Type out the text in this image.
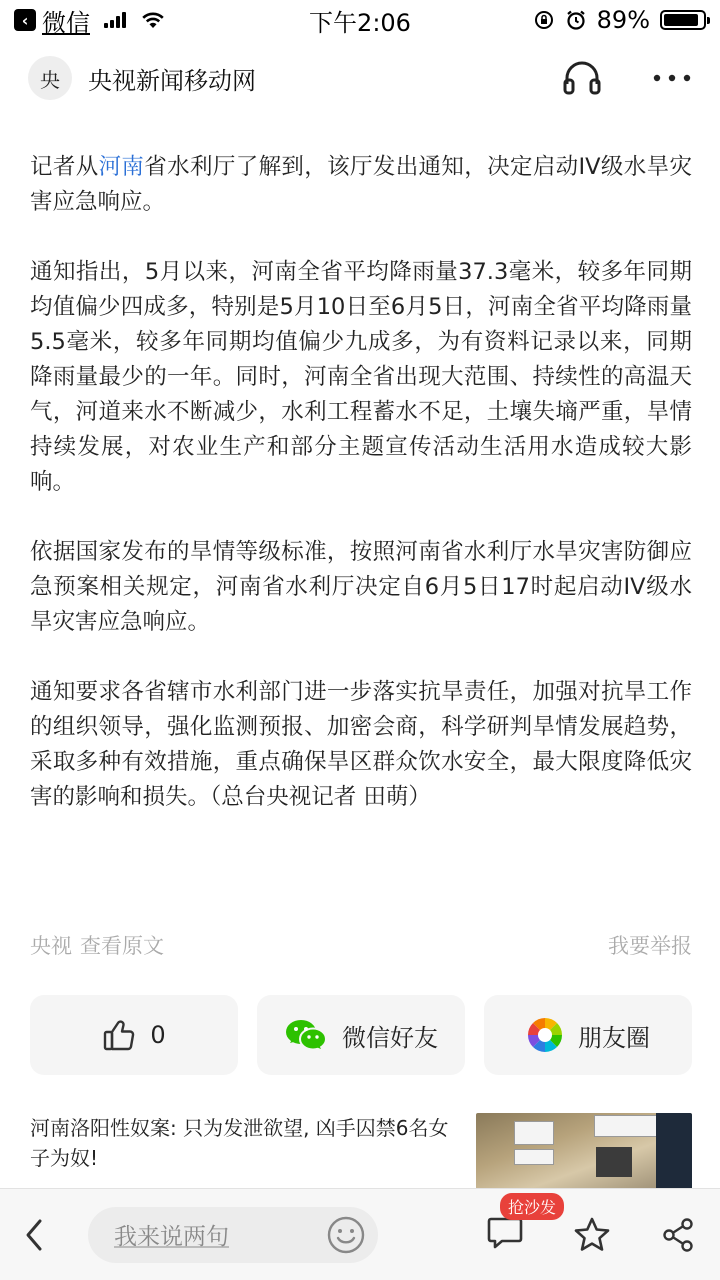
‹ 微信	下午2:06	89%
央	央视新闻移动网

记者从河南省水利厅了解到，该厅发出通知，决定启动IV级水旱灾害应急响应。

通知指出，5月以来，河南全省平均降雨量37.3毫米，较多年同期均值偏少四成多，特别是5月10日至6月5日，河南全省平均降雨量5.5毫米，较多年同期均值偏少九成多，为有资料记录以来，同期降雨量最少的一年。同时，河南全省出现大范围、持续性的高温天气，河道来水不断减少，水利工程蓄水不足，土壤失墒严重，旱情持续发展，对农业生产和部分主题宣传活动生活用水造成较大影响。

依据国家发布的旱情等级标准，按照河南省水利厅水旱灾害防御应急预案相关规定，河南省水利厅决定自6月5日17时起启动IV级水旱灾害应急响应。

通知要求各省辖市水利部门进一步落实抗旱责任，加强对抗旱工作的组织领导，强化监测预报、加密会商，科学研判旱情发展趋势，采取多种有效措施，重点确保旱区群众饮水安全，最大限度降低灾害的影响和损失。（总台央视记者 田萌）

央视 查看原文	我要举报
0	微信好友	朋友圈
河南洛阳性奴案: 只为发泄欲望, 凶手囚禁6名女子为奴!
我来说两句
抢沙发
